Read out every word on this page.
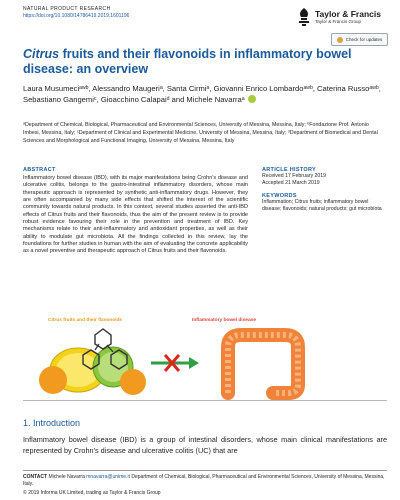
NATURAL PRODUCT RESEARCH
https://doi.org/10.1080/14786419.2019.1601196	Taylor & Francis
Taylor & Francis Group
Check for updates
Citrus fruits and their flavonoids in inflammatory bowel disease: an overview
Laura Musumeciᵃʷᵇ, Alessandro Maugeriᵃ, Santa Cirmiᵃ, Giovanni Enrico Lombardoᵃʷᵇ, Caterina Russoᵃʷᵇ, Sebastiano Gangemiᶜ, Gioacchino Calapaiᵈ and Michele Navarraᵃ
ᵃDepartment of Chemical, Biological, Pharmaceutical and Environmental Sciences, University of Messina, Messina, Italy; ᵇFondazione Prof. Antonio Imbesi, Messina, Italy; ᶜDepartment of Clinical and Experimental Medicine, University of Messina, Messina, Italy; ᵈDepartment of Biomedical and Dental Sciences and Morphological and Functional Imaging, University of Messina, Messina, Italy
ABSTRACT
Inflammatory bowel disease (IBD), with its major manifestations being Crohn's disease and ulcerative colitis, belongs to the gastro-intestinal inflammatory disorders, whose main therapeutic approach is represented by synthetic anti-inflammatory drugs. However, they are often accompanied by many side effects that shifted the interest of the scientific community towards natural products. In this context, several studies asserted the anti-IBD effects of Citrus fruits and their flavonoids, thus the aim of the present review is to provide robust evidence favouring their role in the prevention and treatment of IBD. Key mechanisms relate to their anti-inflammatory and antioxidant properties, as well as their ability to modulate gut microbiota. All the findings collected in this review, lay the foundations for further studies in human with the aim of evaluating the concrete applicability as a novel preventive and therapeutic approach of Citrus fruits and their flavonoids.
ARTICLE HISTORY
Received 17 February 2019
Accepted 21 March 2019
KEYWORDS
Inflammation; Citrus fruits; inflammatory bowel disease; flavonoids; natural products; gut microbiota
Citrus fruits and their flavonoids	Inflammatory bowel disease
1. Introduction
Inflammatory bowel disease (IBD) is a group of intestinal disorders, whose main clinical manifestations are represented by Crohn's disease and ulcerative colitis (UC) that are
CONTACT Michele Navarra mnavarra@unime.it Department of Chemical, Biological, Pharmaceutical and Environmental Sciences, University of Messina, Messina, Italy.
© 2019 Informa UK Limited, trading as Taylor & Francis Group
